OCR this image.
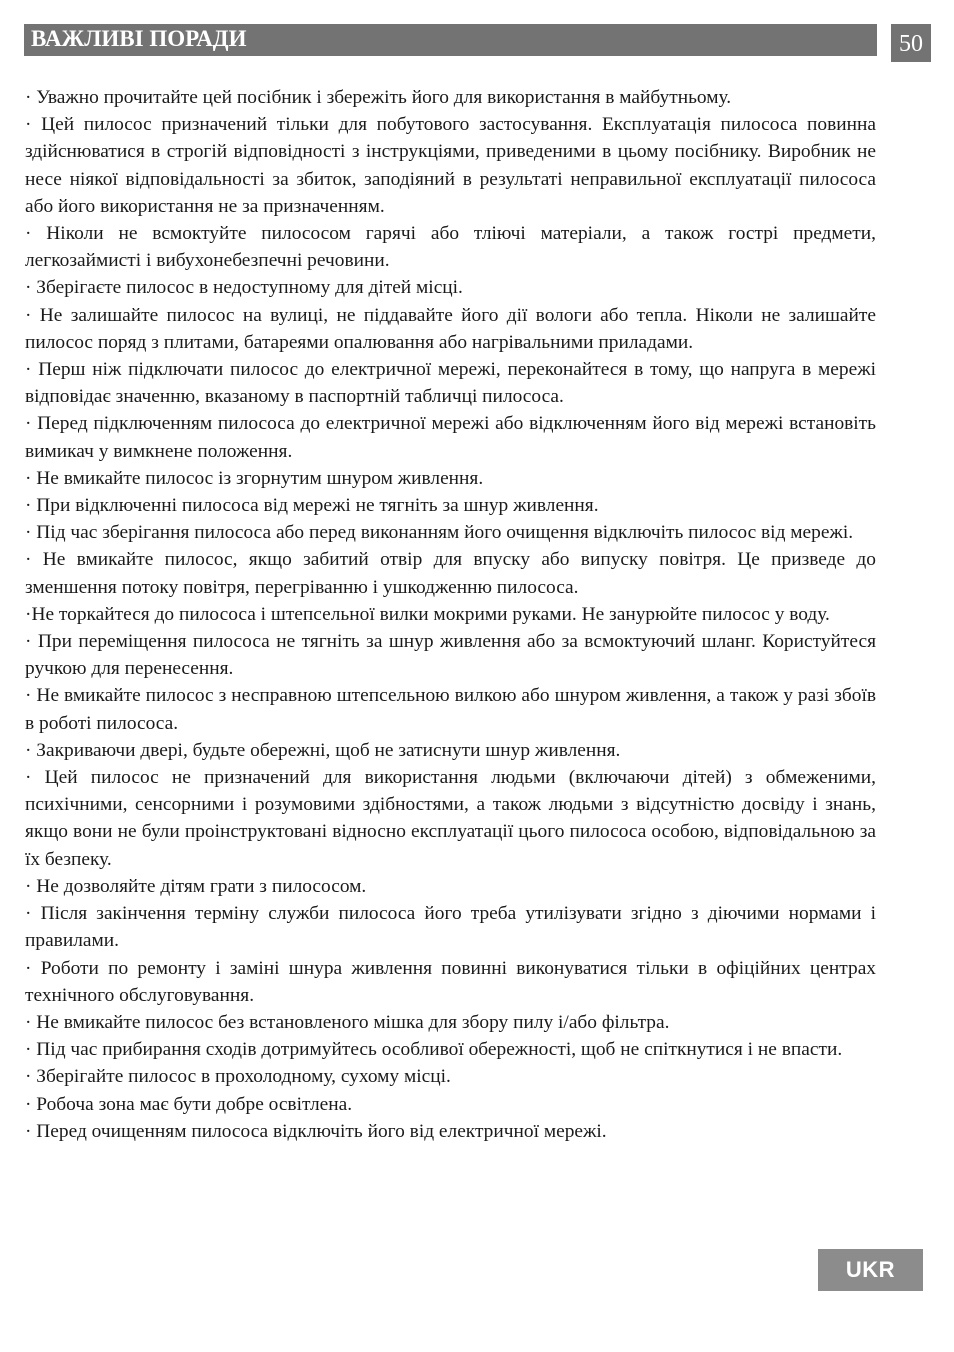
ВАЖЛИВІ ПОРАДИ	50
· Уважно прочитайте цей посібник і збережіть його для використання в майбутньому.
· Цей пилосос призначений тільки для побутового застосування. Експлуатація пилососа повинна здійснюватися в строгій відповідності з інструкціями, приведеними в цьому посібнику. Виробник не несе ніякої відповідальності за збиток, заподіяний в результаті неправильної експлуатації пилососа або його використання не за призначенням.
· Ніколи не всмоктуйте пилососом гарячі або тліючі матеріали, а також гострі предмети, легкозаймисті і вибухонебезпечні речовини.
· Зберігаєте пилосос в недоступному для дітей місці.
· Не залишайте пилосос на вулиці, не піддавайте його дії вологи або тепла. Ніколи не залишайте пилосос поряд з плитами, батареями опалювання або нагрівальними приладами.
· Перш ніж підключати пилосос до електричної мережі, переконайтеся в тому, що напруга в мережі відповідає значенню, вказаному в паспортній табличці пилососа.
· Перед підключенням пилососа до електричної мережі або відключенням його від мережі встановіть вимикач у вимкнене положення.
· Не вмикайте пилосос із згорнутим шнуром живлення.
· При відключенні пилососа від мережі не тягніть за шнур живлення.
· Під час зберігання пилососа або перед виконанням його очищення відключіть пилосос від мережі.
· Не вмикайте пилосос, якщо забитий отвір для впуску або випуску повітря. Це призведе до зменшення потоку повітря, перегріванню і ушкодженню пилососа.
·Не торкайтеся до пилососа і штепсельної вилки мокрими руками. Не занурюйте пилосос у воду.
· При переміщення пилососа не тягніть за шнур живлення або за всмоктуючий шланг. Користуйтеся ручкою для перенесення.
· Не вмикайте пилосос з несправною штепсельною вилкою або шнуром живлення, а також у разі збоїв в роботі пилососа.
· Закриваючи двері, будьте обережні, щоб не затиснути шнур живлення.
· Цей пилосос не призначений для використання людьми (включаючи дітей) з обмеженими, психічними, сенсорними і розумовими здібностями, а також людьми з відсутністю досвіду і знань, якщо вони не були проінструктовані відносно експлуатації цього пилососа особою, відповідальною за їх безпеку.
· Не дозволяйте дітям грати з пилососом.
· Після закінчення терміну служби пилососа його треба утилізувати згідно з діючими нормами і правилами.
· Роботи по ремонту і заміні шнура живлення повинні виконуватися тільки в офіційних центрах технічного обслуговування.
· Не вмикайте пилосос без встановленого мішка для збору пилу і/або фільтра.
· Під час прибирання сходів дотримуйтесь особливої обережності, щоб не спіткнутися і не впасти.
· Зберігайте пилосос в прохолодному, сухому місці.
· Робоча зона має бути добре освітлена.
· Перед очищенням пилососа відключіть його від електричної мережі.
UKR
